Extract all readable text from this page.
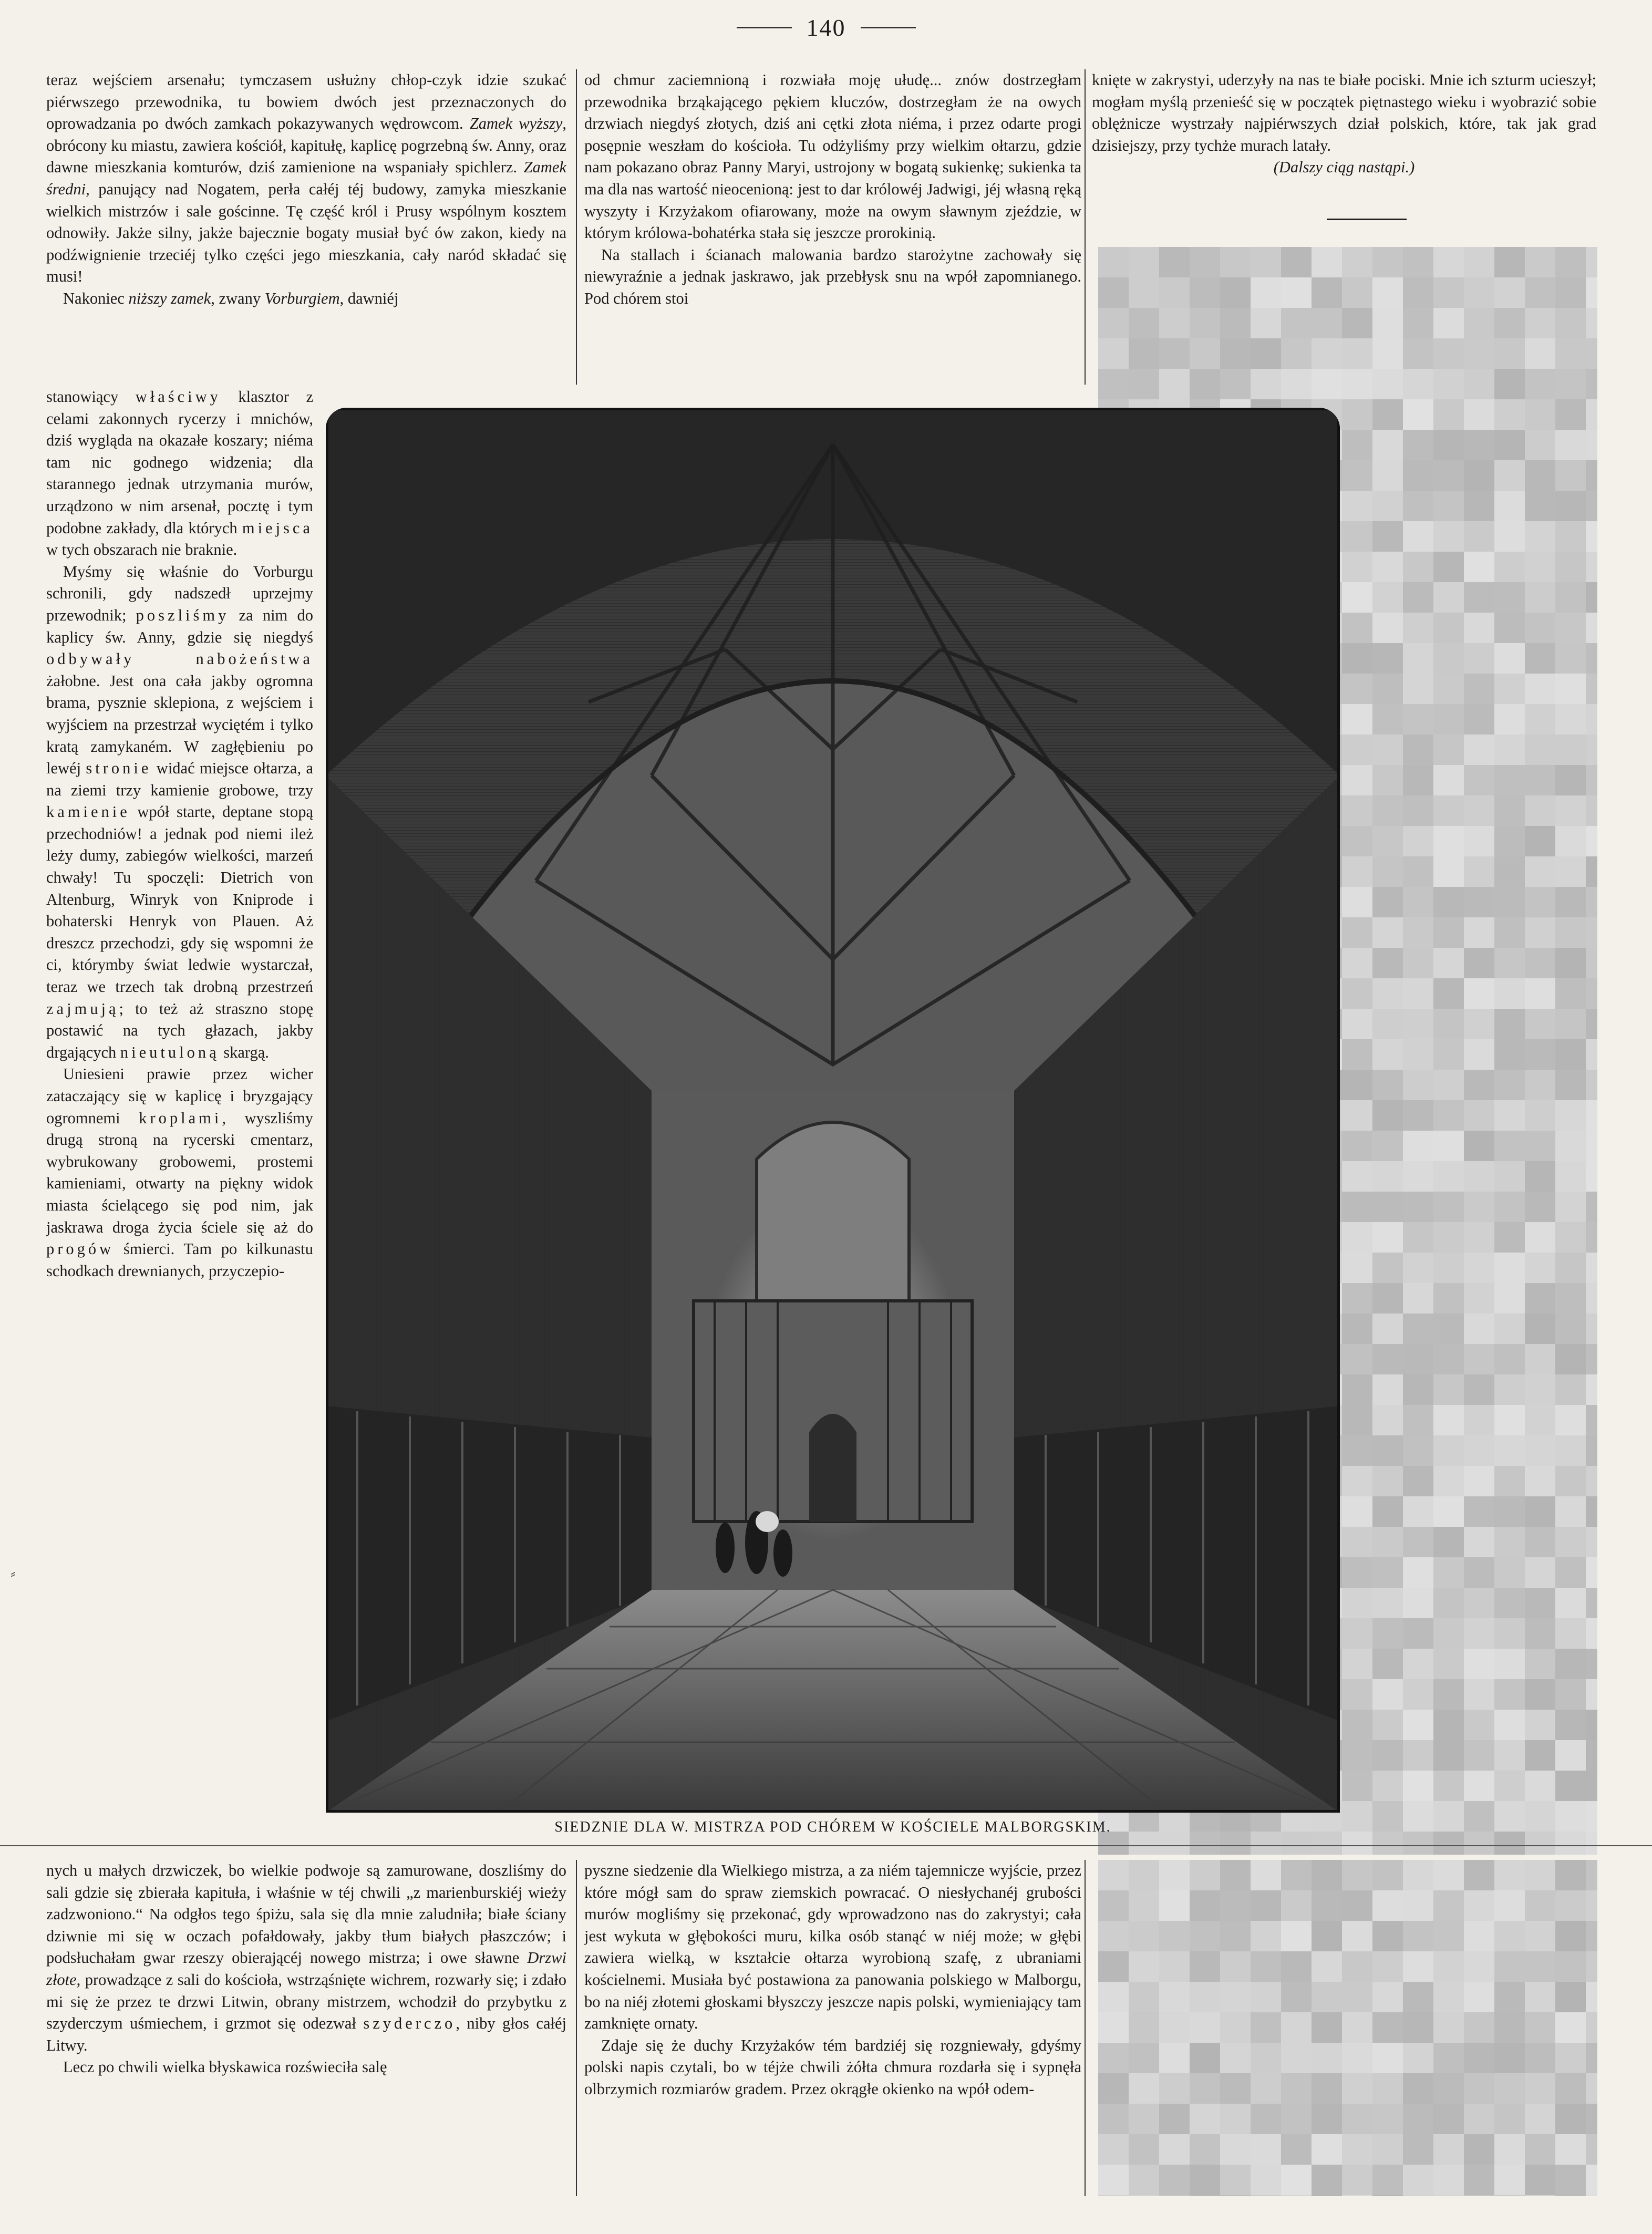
140

teraz wejściem arsenału; tymczasem usłużny chłop-czyk idzie szukać piérwszego przewodnika, tu bowiem dwóch jest przeznaczonych do oprowadzania po dwóch zamkach pokazywanych wędrowcom. Zamek wyższy, obrócony ku miastu, zawiera kościół, kapitułę, kaplicę pogrzebną św. Anny, oraz dawne mieszkania komturów, dziś zamienione na wspaniały spichlerz. Zamek średni, panujący nad Nogatem, perła całéj téj budowy, zamyka mieszkanie wielkich mistrzów i sale gościnne. Tę część król i Prusy wspólnym kosztem odnowiły. Jakże silny, jakże bajecznie bogaty musiał być ów zakon, kiedy na podźwignienie trzeciéj tylko części jego mieszkania, cały naród składać się musi!

Nakoniec niższy zamek, zwany Vorburgiem, dawniéj

stanowiący właściwy klasztor z celami zakonnych rycerzy i mnichów, dziś wygląda na okazałe koszary; niéma tam nic godnego widzenia; dla starannego jednak utrzymania murów, urządzono w nim arsenał, pocztę i tym podobne zakłady, dla których miejsca w tych obszarach nie braknie.

Myśmy się właśnie do Vorburgu schronili, gdy nadszedł uprzejmy przewodnik; poszliśmy za nim do kaplicy św. Anny, gdzie się niegdyś odbywały nabożeństwa żałobne. Jest ona cała jakby ogromna brama, pysznie sklepiona, z wejściem i wyjściem na przestrzał wyciętém i tylko kratą zamykaném. W zagłębieniu po lewéj stronie widać miejsce ołtarza, a na ziemi trzy kamienie grobowe, trzy kamienie wpół starte, deptane stopą przechodniów! a jednak pod niemi ileż leży dumy, zabiegów wielkości, marzeń chwały! Tu spoczęli: Dietrich von Altenburg, Winryk von Kniprode i bohaterski Henryk von Plauen. Aż dreszcz przechodzi, gdy się wspomni że ci, którymby świat ledwie wystarczał, teraz we trzech tak drobną przestrzeń zajmują; to też aż straszno stopę postawić na tych głazach, jakby drgających nieutuloną skargą.

Uniesieni prawie przez wicher zataczający się w kaplicę i bryzgający ogromnemi kroplami, wyszliśmy drugą stroną na rycerski cmentarz, wybrukowany grobowemi, prostemi kamieniami, otwarty na piękny widok miasta ścielącego się pod nim, jak jaskrawa droga życia ściele się aż do progów śmierci. Tam po kilkunastu schodkach drewnianych, przyczepio-

nych u małych drzwiczek, bo wielkie podwoje są zamurowane, doszliśmy do sali gdzie się zbierała kapituła, i właśnie w téj chwili „z marienburskiéj wieży zadzwoniono.“ Na odgłos tego śpiżu, sala się dla mnie zaludniła; białe ściany dziwnie mi się w oczach pofałdowały, jakby tłum białych płaszczów; i podsłuchałam gwar rzeszy obierającéj nowego mistrza; i owe sławne Drzwi złote, prowadzące z sali do kościoła, wstrząśnięte wichrem, rozwarły się; i zdało mi się że przez te drzwi Litwin, obrany mistrzem, wchodził do przybytku z szyderczym uśmiechem, i grzmot się odezwał szyderczo, niby głos całéj Litwy.

Lecz po chwili wielka błyskawica rozświeciła salę

od chmur zaciemnioną i rozwiała moję ułudę... znów dostrzegłam przewodnika brząkającego pękiem kluczów, dostrzegłam że na owych drzwiach niegdyś złotych, dziś ani cętki złota niéma, i przez odarte progi posępnie weszłam do kościoła. Tu odżyliśmy przy wielkim ołtarzu, gdzie nam pokazano obraz Panny Maryi, ustrojony w bogatą sukienkę; sukienka ta ma dla nas wartość nieocenioną: jest to dar królowéj Jadwigi, jéj własną ręką wyszyty i Krzyżakom ofiarowany, może na owym sławnym zjeździe, w którym królowa-bohatérka stała się jeszcze prorokinią.

Na stallach i ścianach malowania bardzo starożytne zachowały się niewyraźnie a jednak jaskrawo, jak przebłysk snu na wpół zapomnianego. Pod chórem stoi

pyszne siedzenie dla Wielkiego mistrza, a za niém tajemnicze wyjście, przez które mógł sam do spraw ziemskich powracać. O niesłychanéj grubości murów mogliśmy się przekonać, gdy wprowadzono nas do zakrystyi; cała jest wykuta w głębokości muru, kilka osób stanąć w niéj może; w głębi zawiera wielką, w kształcie ołtarza wyrobioną szafę, z ubraniami kościelnemi. Musiała być postawiona za panowania polskiego w Malborgu, bo na niéj złotemi głoskami błyszczy jeszcze napis polski, wymieniający tam zamknięte ornaty.

Zdaje się że duchy Krzyżaków tém bardziéj się rozgniewały, gdyśmy polski napis czytali, bo w téjże chwili żółta chmura rozdarła się i sypnęła olbrzymich rozmiarów gradem. Przez okrągłe okienko na wpół odem-

knięte w zakrystyi, uderzyły na nas te białe pociski. Mnie ich szturm ucieszył; mogłam myślą przenieść się w początek piętnastego wieku i wyobrazić sobie oblężnicze wystrzały najpiérwszych dział polskich, które, tak jak grad dzisiejszy, przy tychże murach latały.

(Dalszy ciąg nastąpi.)

SIEDZNIE DLA W. MISTRZA POD CHÓREM W KOŚCIELE MALBORGSKIM.
⸗
